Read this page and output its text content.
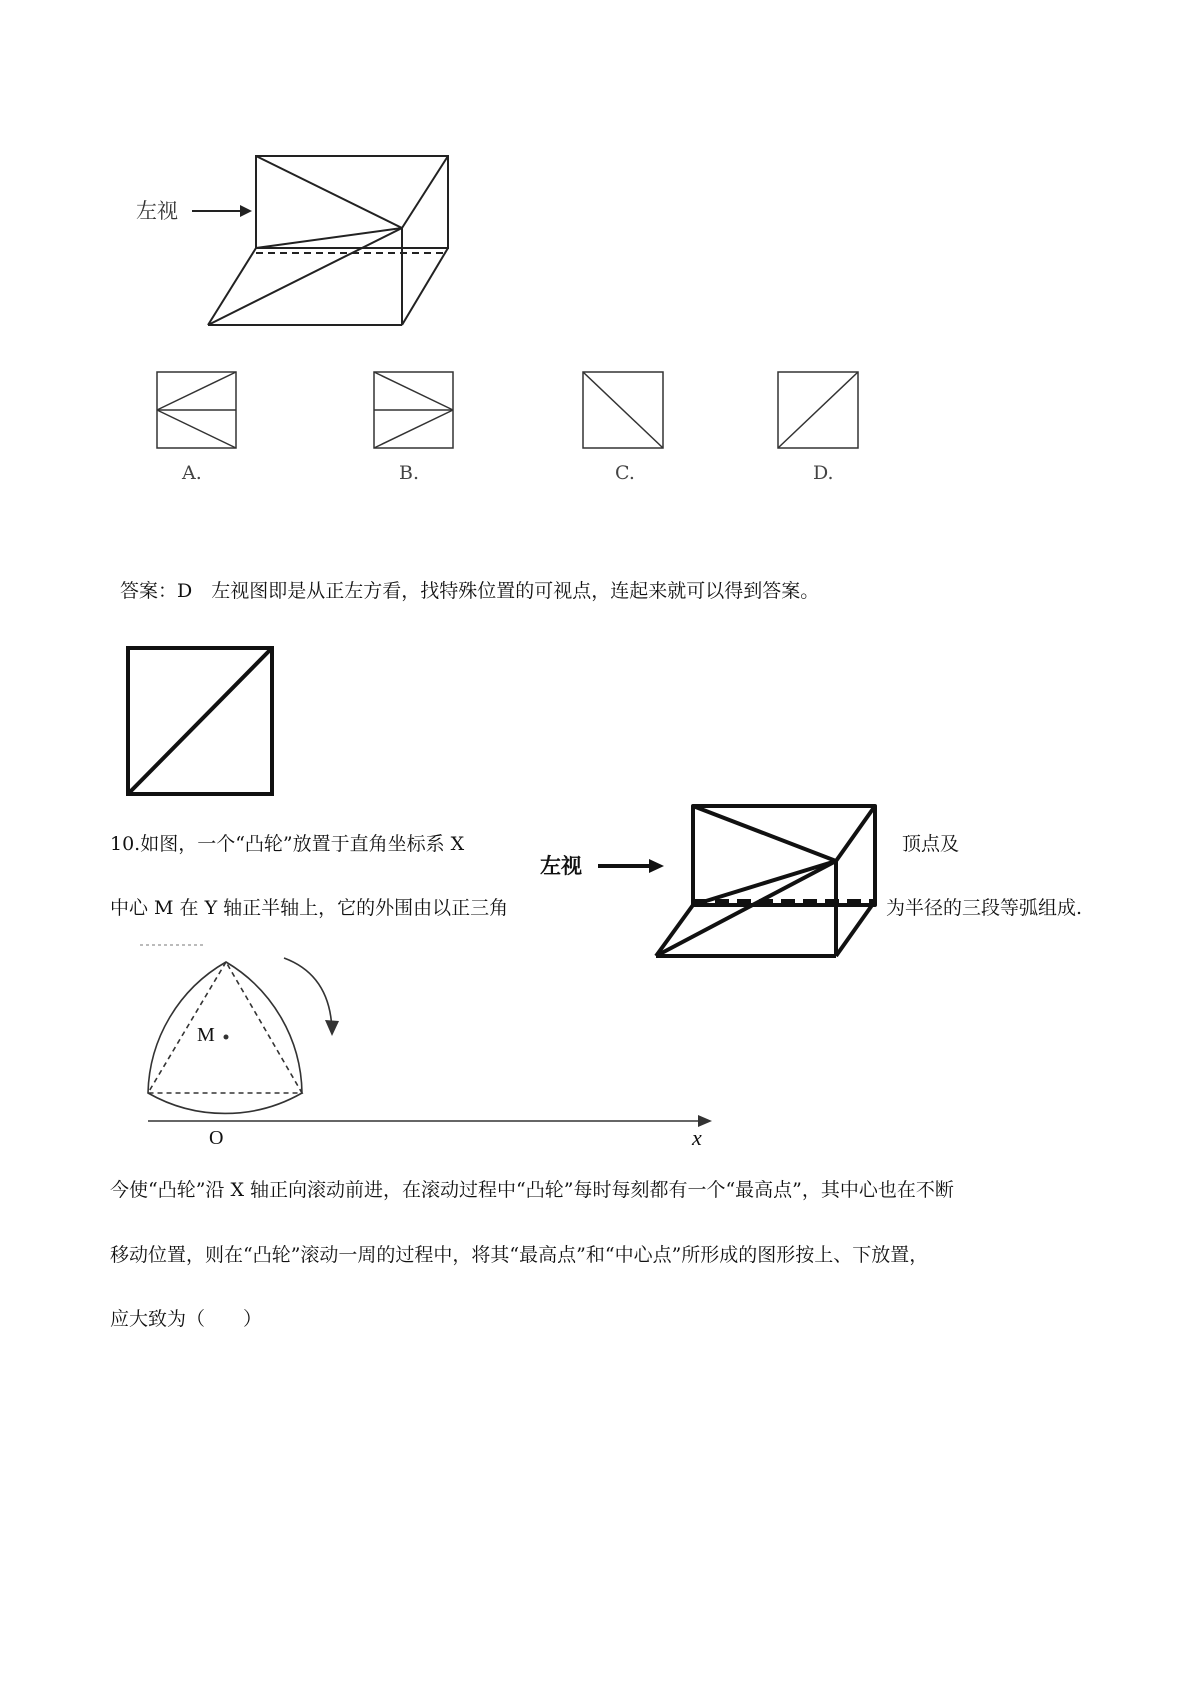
左视
A.	B.	C.	D.
答案：D　左视图即是从正左方看，找特殊位置的可视点，连起来就可以得到答案。
10.如图，一个“凸轮”放置于直角坐标系 X	顶点及
中心 M 在 Y 轴正半轴上，它的外围由以正三角	为半径的三段等弧组成.
左视
M
O	x
今使“凸轮”沿 X 轴正向滚动前进，在滚动过程中“凸轮”每时每刻都有一个“最高点”，其中心也在不断
移动位置，则在“凸轮”滚动一周的过程中，将其“最高点”和“中心点”所形成的图形按上、下放置，
应大致为（　　）
